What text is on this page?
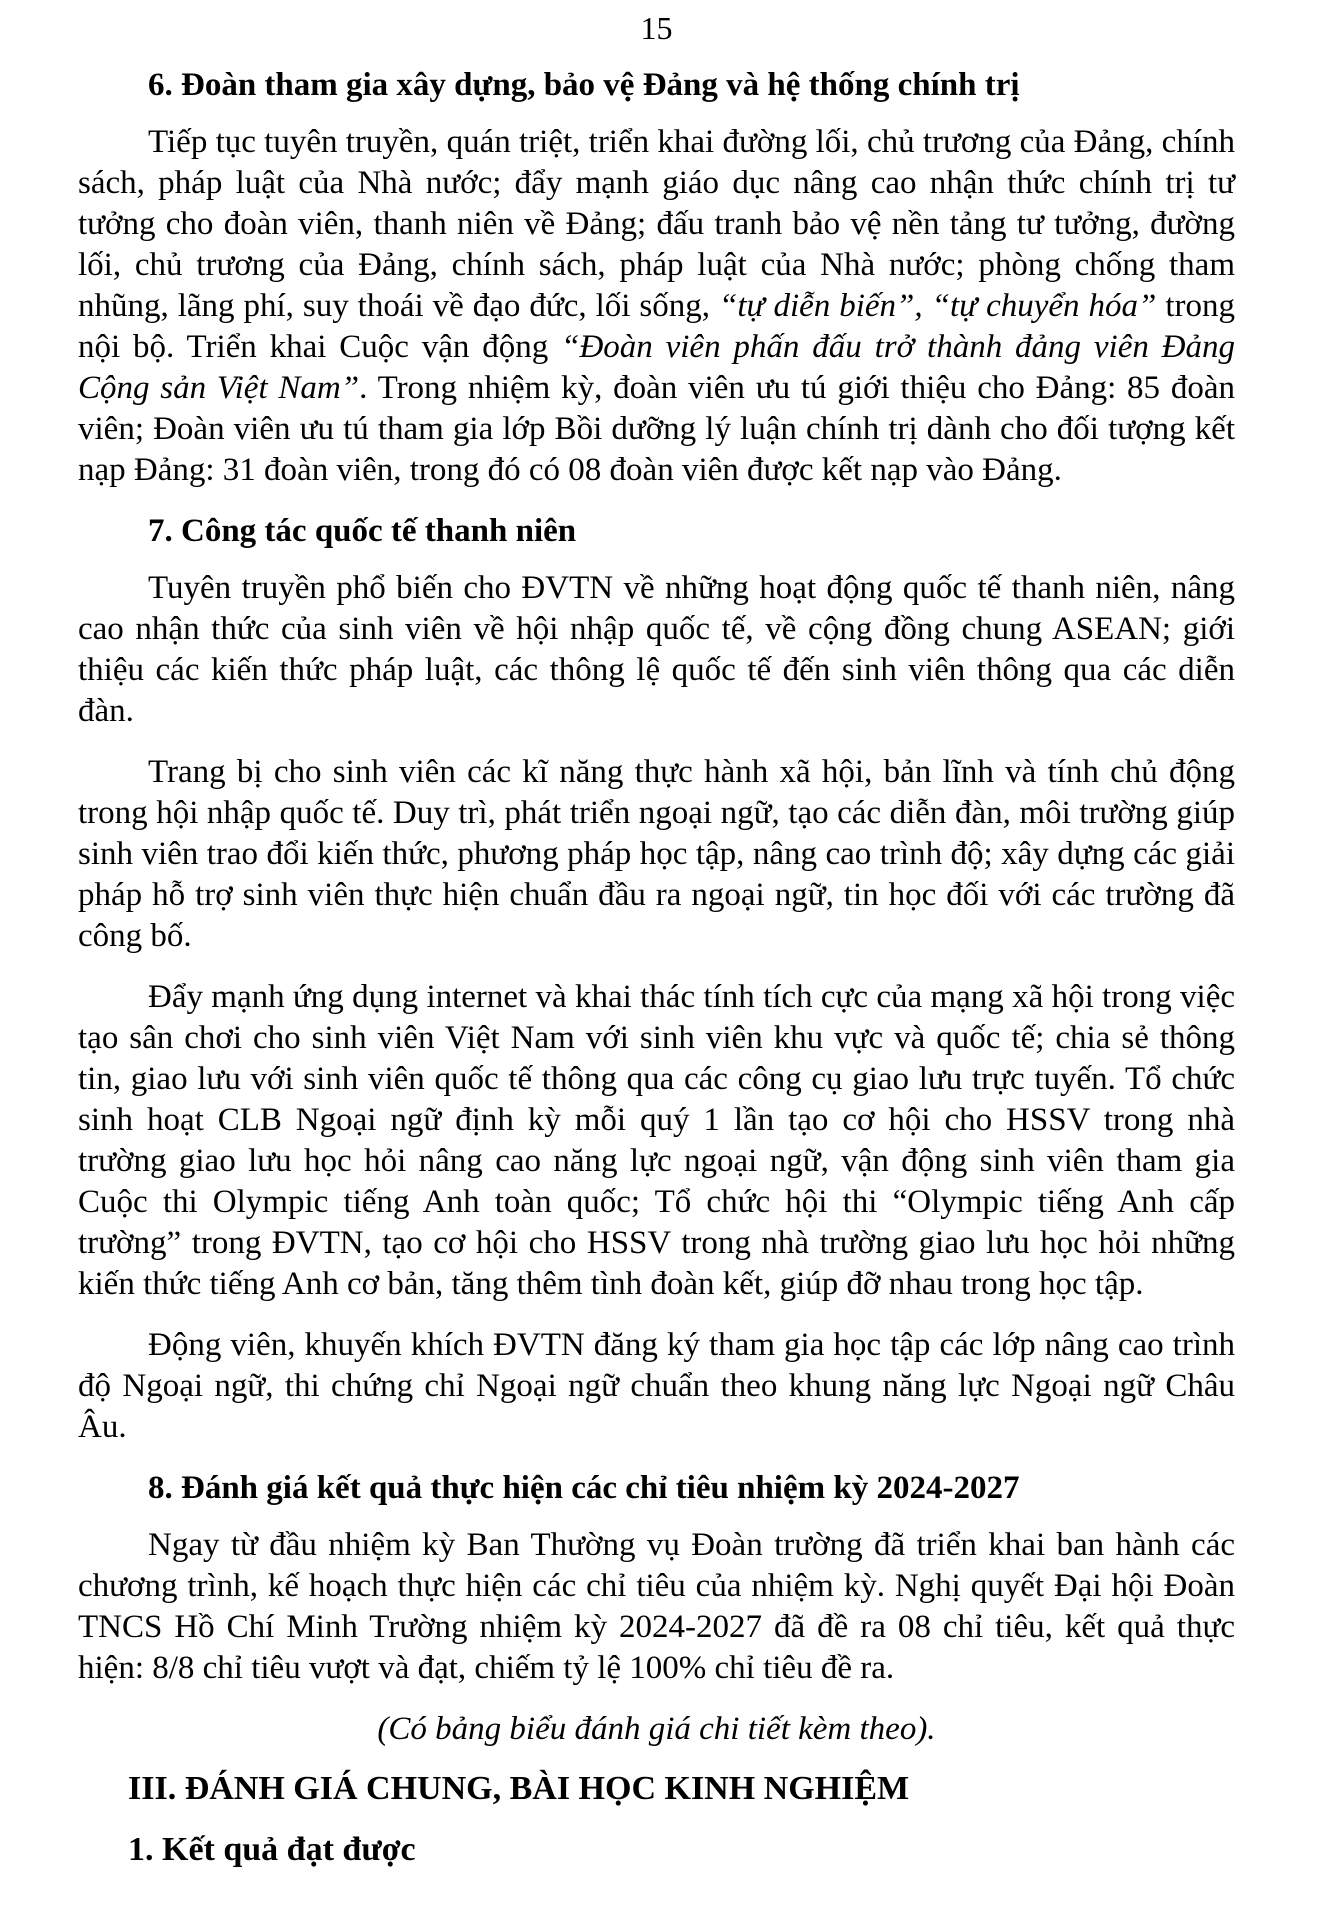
15
6. Đoàn tham gia xây dựng, bảo vệ Đảng và hệ thống chính trị

Tiếp tục tuyên truyền, quán triệt, triển khai đường lối, chủ trương của Đảng, chính sách, pháp luật của Nhà nước; đẩy mạnh giáo dục nâng cao nhận thức chính trị tư tưởng cho đoàn viên, thanh niên về Đảng; đấu tranh bảo vệ nền tảng tư tưởng, đường lối, chủ trương của Đảng, chính sách, pháp luật của Nhà nước; phòng chống tham nhũng, lãng phí, suy thoái về đạo đức, lối sống, “tự diễn biến”, “tự chuyển hóa” trong nội bộ. Triển khai Cuộc vận động “Đoàn viên phấn đấu trở thành đảng viên Đảng Cộng sản Việt Nam”. Trong nhiệm kỳ, đoàn viên ưu tú giới thiệu cho Đảng: 85 đoàn viên; Đoàn viên ưu tú tham gia lớp Bồi dưỡng lý luận chính trị dành cho đối tượng kết nạp Đảng: 31 đoàn viên, trong đó có 08 đoàn viên được kết nạp vào Đảng.

7. Công tác quốc tế thanh niên

Tuyên truyền phổ biến cho ĐVTN về những hoạt động quốc tế thanh niên, nâng cao nhận thức của sinh viên về hội nhập quốc tế, về cộng đồng chung ASEAN; giới thiệu các kiến thức pháp luật, các thông lệ quốc tế đến sinh viên thông qua các diễn đàn.

Trang bị cho sinh viên các kĩ năng thực hành xã hội, bản lĩnh và tính chủ động trong hội nhập quốc tế. Duy trì, phát triển ngoại ngữ, tạo các diễn đàn, môi trường giúp sinh viên trao đổi kiến thức, phương pháp học tập, nâng cao trình độ; xây dựng các giải pháp hỗ trợ sinh viên thực hiện chuẩn đầu ra ngoại ngữ, tin học đối với các trường đã công bố.

Đẩy mạnh ứng dụng internet và khai thác tính tích cực của mạng xã hội trong việc tạo sân chơi cho sinh viên Việt Nam với sinh viên khu vực và quốc tế; chia sẻ thông tin, giao lưu với sinh viên quốc tế thông qua các công cụ giao lưu trực tuyến. Tổ chức sinh hoạt CLB Ngoại ngữ định kỳ mỗi quý 1 lần tạo cơ hội cho HSSV trong nhà trường giao lưu học hỏi nâng cao năng lực ngoại ngữ, vận động sinh viên tham gia Cuộc thi Olympic tiếng Anh toàn quốc; Tổ chức hội thi “Olympic tiếng Anh cấp trường” trong ĐVTN, tạo cơ hội cho HSSV trong nhà trường giao lưu học hỏi những kiến thức tiếng Anh cơ bản, tăng thêm tình đoàn kết, giúp đỡ nhau trong học tập.

Động viên, khuyến khích ĐVTN đăng ký tham gia học tập các lớp nâng cao trình độ Ngoại ngữ, thi chứng chỉ Ngoại ngữ chuẩn theo khung năng lực Ngoại ngữ Châu Âu.

8. Đánh giá kết quả thực hiện các chỉ tiêu nhiệm kỳ 2024-2027

Ngay từ đầu nhiệm kỳ Ban Thường vụ Đoàn trường đã triển khai ban hành các chương trình, kế hoạch thực hiện các chỉ tiêu của nhiệm kỳ. Nghị quyết Đại hội Đoàn TNCS Hồ Chí Minh Trường nhiệm kỳ 2024-2027 đã đề ra 08 chỉ tiêu, kết quả thực hiện: 8/8 chỉ tiêu vượt và đạt, chiếm tỷ lệ 100% chỉ tiêu đề ra.

(Có bảng biểu đánh giá chi tiết kèm theo).
III. ĐÁNH GIÁ CHUNG, BÀI HỌC KINH NGHIỆM
1. Kết quả đạt được
